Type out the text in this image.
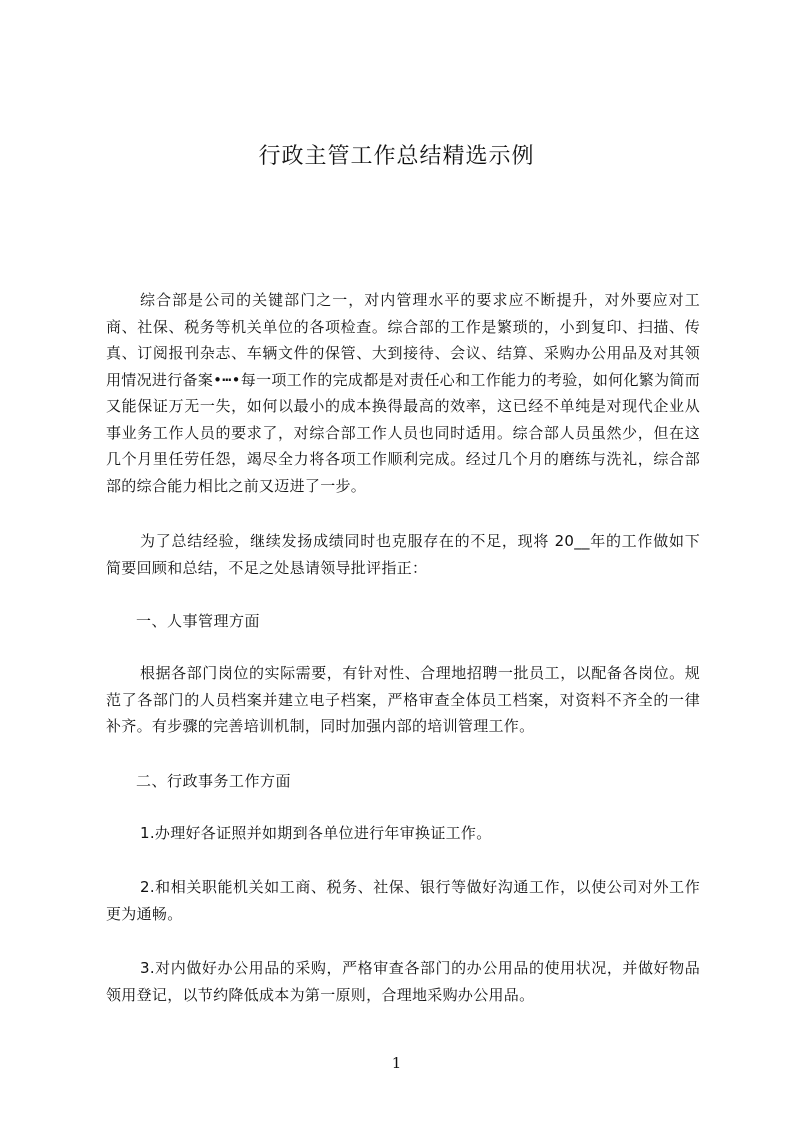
行政主管工作总结精选示例

综合部是公司的关键部门之一，对内管理水平的要求应不断提升，对外要应对工商、社保、税务等机关单位的各项检查。综合部的工作是繁琐的，小到复印、扫描、传真、订阅报刊杂志、车辆文件的保管、大到接待、会议、结算、采购办公用品及对其领用情况进行备案•┅•每一项工作的完成都是对责任心和工作能力的考验，如何化繁为简而又能保证万无一失，如何以最小的成本换得最高的效率，这已经不单纯是对现代企业从事业务工作人员的要求了，对综合部工作人员也同时适用。综合部人员虽然少，但在这几个月里任劳任怨，竭尽全力将各项工作顺利完成。经过几个月的磨练与洗礼，综合部部的综合能力相比之前又迈进了一步。

为了总结经验，继续发扬成绩同时也克服存在的不足，现将 20__年的工作做如下简要回顾和总结，不足之处恳请领导批评指正：

一、人事管理方面

根据各部门岗位的实际需要，有针对性、合理地招聘一批员工，以配备各岗位。规范了各部门的人员档案并建立电子档案，严格审查全体员工档案，对资料不齐全的一律补齐。有步骤的完善培训机制，同时加强内部的培训管理工作。

二、行政事务工作方面

1.办理好各证照并如期到各单位进行年审换证工作。

2.和相关职能机关如工商、税务、社保、银行等做好沟通工作，以使公司对外工作更为通畅。

3.对内做好办公用品的采购，严格审查各部门的办公用品的使用状况，并做好物品领用登记，以节约降低成本为第一原则，合理地采购办公用品。

1
